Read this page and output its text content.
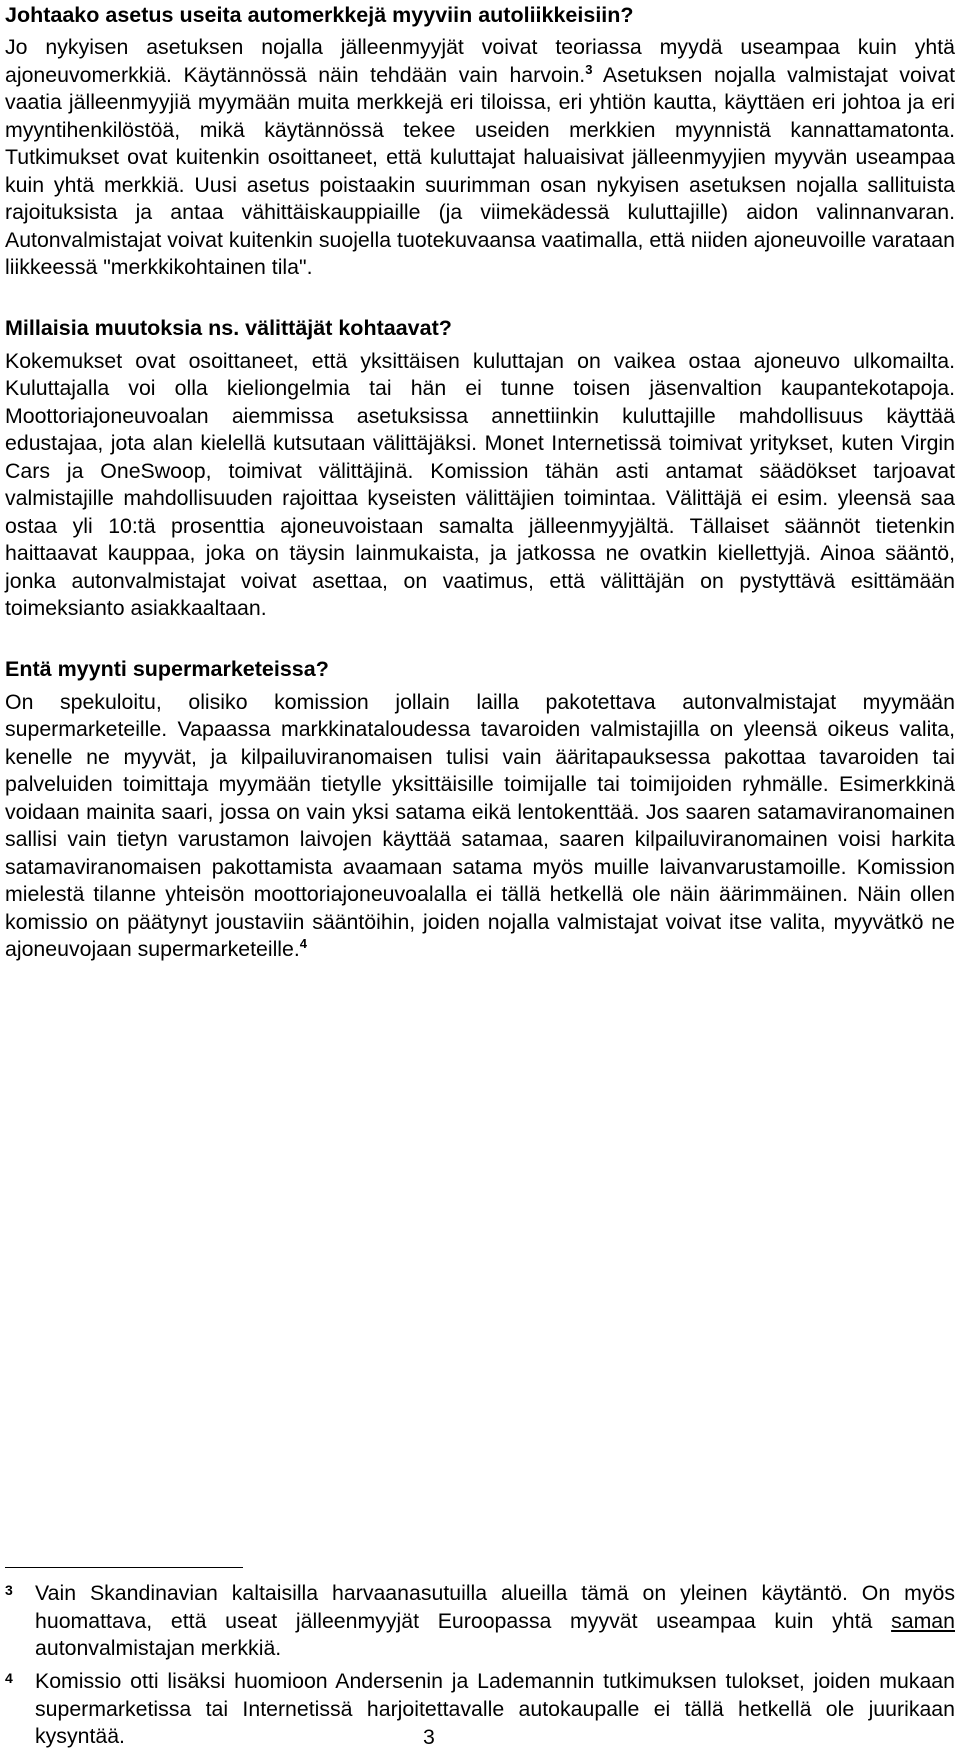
Johtaako asetus useita automerkkejä myyviin autoliikkeisiin?

Jo nykyisen asetuksen nojalla jälleenmyyjät voivat teoriassa myydä useampaa kuin yhtä ajoneuvomerkkiä. Käytännössä näin tehdään vain harvoin.$^3$ Asetuksen nojalla valmistajat voivat vaatia jälleenmyyjiä myymään muita merkkejä eri tiloissa, eri yhtiön kautta, käyttäen eri johtoa ja eri myyntihenkilöstöä, mikä käytännössä tekee useiden merkkien myynnistä kannattamatonta. Tutkimukset ovat kuitenkin osoittaneet, että kuluttajat haluaisivat jälleenmyyjien myyvän useampaa kuin yhtä merkkiä. Uusi asetus poistaakin suurimman osan nykyisen asetuksen nojalla sallituista rajoituksista ja antaa vähittäiskauppiaille (ja viimekädessä kuluttajille) aidon valinnanvaran. Autonvalmistajat voivat kuitenkin suojella tuotekuvaansa vaatimalla, että niiden ajoneuvoille varataan liikkeessä "merkkikohtainen tila".

Millaisia muutoksia ns. välittäjät kohtaavat?

Kokemukset ovat osoittaneet, että yksittäisen kuluttajan on vaikea ostaa ajoneuvo ulkomailta. Kuluttajalla voi olla kieliongelmia tai hän ei tunne toisen jäsenvaltion kaupantekotapoja. Moottoriajoneuvoalan aiemmissa asetuksissa annettiinkin kuluttajille mahdollisuus käyttää edustajaa, jota alan kielellä kutsutaan välittäjäksi. Monet Internetissä toimivat yritykset, kuten Virgin Cars ja OneSwoop, toimivat välittäjinä. Komission tähän asti antamat säädökset tarjoavat valmistajille mahdollisuuden rajoittaa kyseisten välittäjien toimintaa. Välittäjä ei esim. yleensä saa ostaa yli 10:tä prosenttia ajoneuvoistaan samalta jälleenmyyjältä. Tällaiset säännöt tietenkin haittaavat kauppaa, joka on täysin lainmukaista, ja jatkossa ne ovatkin kiellettyjä. Ainoa sääntö, jonka autonvalmistajat voivat asettaa, on vaatimus, että välittäjän on pystyttävä esittämään toimeksianto asiakkaaltaan.

Entä myynti supermarketeissa?

On spekuloitu, olisiko komission jollain lailla pakotettava autonvalmistajat myymään supermarketeille. Vapaassa markkinataloudessa tavaroiden valmistajilla on yleensä oikeus valita, kenelle ne myyvät, ja kilpailuviranomaisen tulisi vain ääritapauksessa pakottaa tavaroiden tai palveluiden toimittaja myymään tietylle yksittäisille toimijalle tai toimijoiden ryhmälle. Esimerkkinä voidaan mainita saari, jossa on vain yksi satama eikä lentokenttää. Jos saaren satamaviranomainen sallisi vain tietyn varustamon laivojen käyttää satamaa, saaren kilpailuviranomainen voisi harkita satamaviranomaisen pakottamista avaamaan satama myös muille laivanvarustamoille. Komission mielestä tilanne yhteisön moottoriajoneuvoalalla ei tällä hetkellä ole näin äärimmäinen. Näin ollen komissio on päätynyt joustaviin sääntöihin, joiden nojalla valmistajat voivat itse valita, myyvätkö ne ajoneuvojaan supermarketeille.$^4$

3	Vain Skandinavian kaltaisilla harvaanasutuilla alueilla tämä on yleinen käytäntö. On myös huomattava, että useat jälleenmyyjät Euroopassa myyvät useampaa kuin yhtä saman autonvalmistajan merkkiä.
4	Komissio otti lisäksi huomioon Andersenin ja Lademannin tutkimuksen tulokset, joiden mukaan supermarketissa tai Internetissä harjoitettavalle autokaupalle ei tällä hetkellä ole juurikaan kysyntää.	3
